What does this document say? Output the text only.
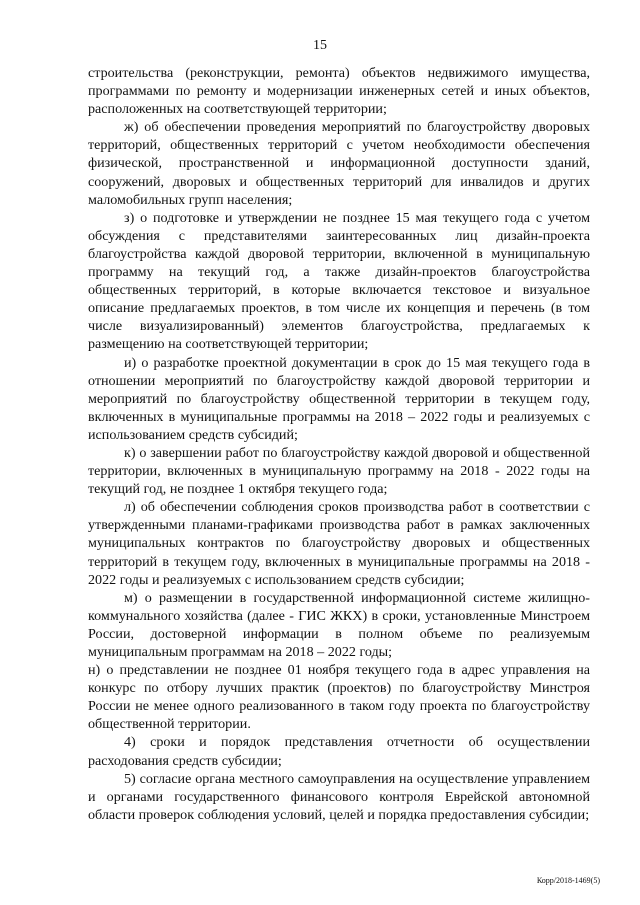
15

строительства (реконструкции, ремонта) объектов недвижимого имущества, программами по ремонту и модернизации инженерных сетей и иных объектов, расположенных на соответствующей территории;

ж) об обеспечении проведения мероприятий по благоустройству дворовых территорий, общественных территорий с учетом необходимости обеспечения физической, пространственной и информационной доступности зданий, сооружений, дворовых и общественных территорий для инвалидов и других маломобильных групп населения;

з) о подготовке и утверждении не позднее 15 мая текущего года с учетом обсуждения с представителями заинтересованных лиц дизайн-проекта благоустройства каждой дворовой территории, включенной в муниципальную программу на текущий год, а также дизайн-проектов благоустройства общественных территорий, в которые включается текстовое и визуальное описание предлагаемых проектов, в том числе их концепция и перечень (в том числе визуализированный) элементов благоустройства, предлагаемых к размещению на соответствующей территории;

и) о разработке проектной документации в срок до 15 мая текущего года в отношении мероприятий по благоустройству каждой дворовой территории и мероприятий по благоустройству общественной территории в текущем году, включенных в муниципальные программы на 2018 – 2022 годы и реализуемых с использованием средств субсидий;

к) о завершении работ по благоустройству каждой дворовой и общественной территории, включенных в муниципальную программу на 2018 - 2022 годы на текущий год, не позднее 1 октября текущего года;

л) об обеспечении соблюдения сроков производства работ в соответствии с утвержденными планами-графиками производства работ в рамках заключенных муниципальных контрактов по благоустройству дворовых и общественных территорий в текущем году, включенных в муниципальные программы на 2018 - 2022 годы и реализуемых с использованием средств субсидии;

м) о размещении в государственной информационной системе жилищно-коммунального хозяйства (далее - ГИС ЖКХ) в сроки, установленные Минстроем России, достоверной информации в полном объеме по реализуемым муниципальным программам на 2018 – 2022 годы;

н) о представлении не позднее 01 ноября текущего года в адрес управления на конкурс по отбору лучших практик (проектов) по благоустройству Минстроя России не менее одного реализованного в таком году проекта по благоустройству общественной территории.

4) сроки и порядок представления отчетности об осуществлении расходования средств субсидии;

5) согласие органа местного самоуправления на осуществление управлением и органами государственного финансового контроля Еврейской автономной области проверок соблюдения условий, целей и порядка предоставления субсидии;

Корр/2018-1469(5)
